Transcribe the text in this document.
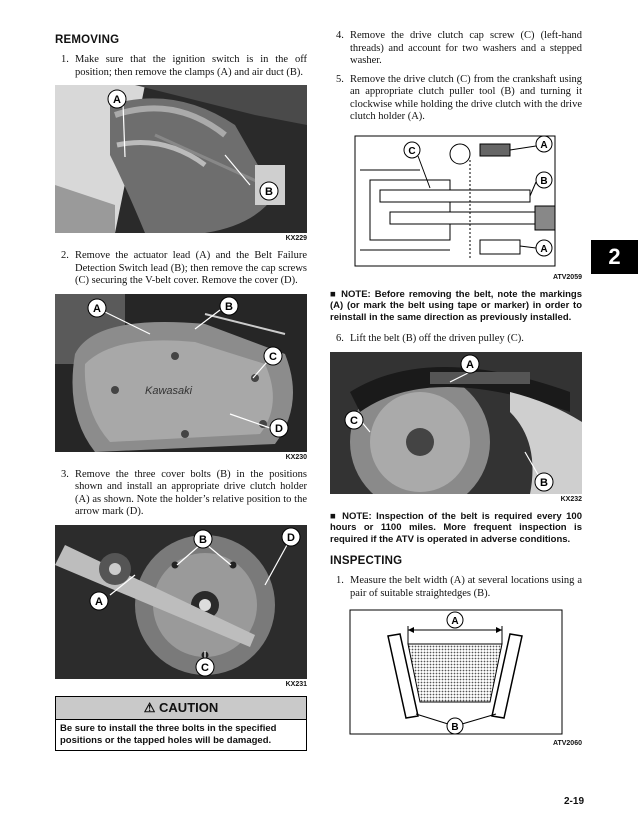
REMOVING
1. Make sure that the ignition switch is in the off position; then remove the clamps (A) and air duct (B).
A
B
KX229
2. Remove the actuator lead (A) and the Belt Failure Detection Switch lead (B); then remove the cap screws (C) securing the V-belt cover. Remove the cover (D).
Kawasaki
A	B
C
D
KX230
3. Remove the three cover bolts (B) in the positions shown and install an appropriate drive clutch holder (A) as shown. Note the holder’s relative position to the arrow mark (D).
A
B	D
C
KX231
⚠ CAUTION
Be sure to install the three bolts in the specified positions or the tapped holes will be damaged.
4. Remove the drive clutch cap screw (C) (left-hand threads) and account for two washers and a stepped washer.
5. Remove the drive clutch (C) from the crankshaft using an appropriate clutch puller tool (B) and turning it clockwise while holding the drive clutch with the drive clutch holder (A).
C
A
B
A
ATV2059
■ NOTE: Before removing the belt, note the markings (A) (or mark the belt using tape or marker) in order to reinstall in the same direction as previously installed.
6. Lift the belt (B) off the driven pulley (C).
A
C
B
KX232
■ NOTE: Inspection of the belt is required every 100 hours or 1100 miles. More frequent inspection is required if the ATV is operated in adverse conditions.
INSPECTING
1. Measure the belt width (A) at several locations using a pair of suitable straightedges (B).
A
B
ATV2060
2
2-19
